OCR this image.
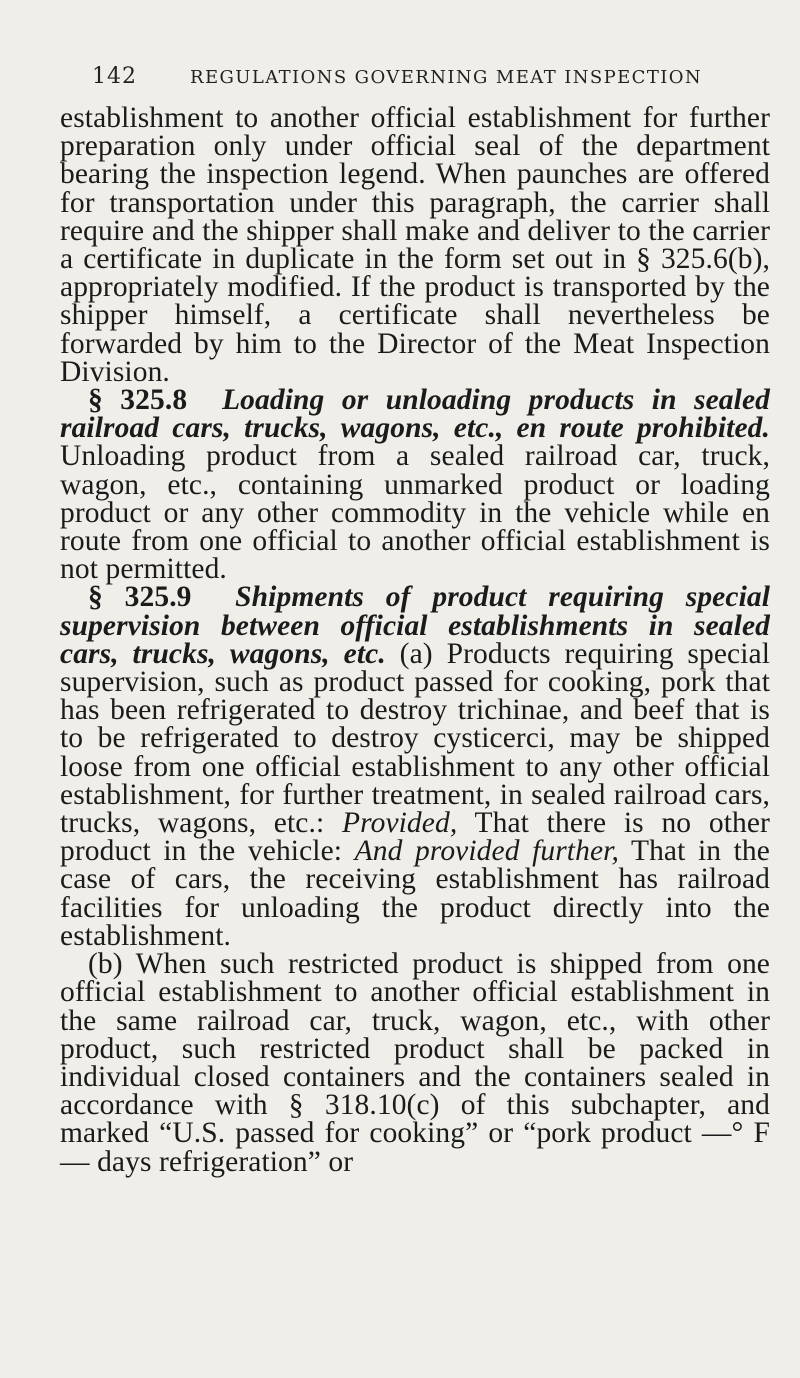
142	REGULATIONS GOVERNING MEAT INSPECTION

establishment to another official establishment for further preparation only under official seal of the department bearing the inspection legend. When paunches are offered for transportation under this paragraph, the carrier shall require and the shipper shall make and deliver to the carrier a certificate in duplicate in the form set out in § 325.6(b), appropriately modified. If the product is transported by the shipper himself, a certificate shall nevertheless be forwarded by him to the Director of the Meat Inspection Division.

§ 325.8 Loading or unloading products in sealed railroad cars, trucks, wagons, etc., en route prohibited. Unloading product from a sealed railroad car, truck, wagon, etc., containing unmarked product or loading product or any other commodity in the vehicle while en route from one official to another official establishment is not permitted.

§ 325.9 Shipments of product requiring special supervision between official establishments in sealed cars, trucks, wagons, etc. (a) Products requiring special supervision, such as product passed for cooking, pork that has been refrigerated to destroy trichinae, and beef that is to be refrigerated to destroy cysticerci, may be shipped loose from one official establishment to any other official establishment, for further treatment, in sealed railroad cars, trucks, wagons, etc.: Provided, That there is no other product in the vehicle: And provided further, That in the case of cars, the receiving establishment has railroad facilities for unloading the product directly into the establishment.

(b) When such restricted product is shipped from one official establishment to another official establishment in the same railroad car, truck, wagon, etc., with other product, such restricted product shall be packed in individual closed containers and the containers sealed in accordance with § 318.10(c) of this subchapter, and marked “U.S. passed for cooking” or “pork product —° F — days refrigeration” or
